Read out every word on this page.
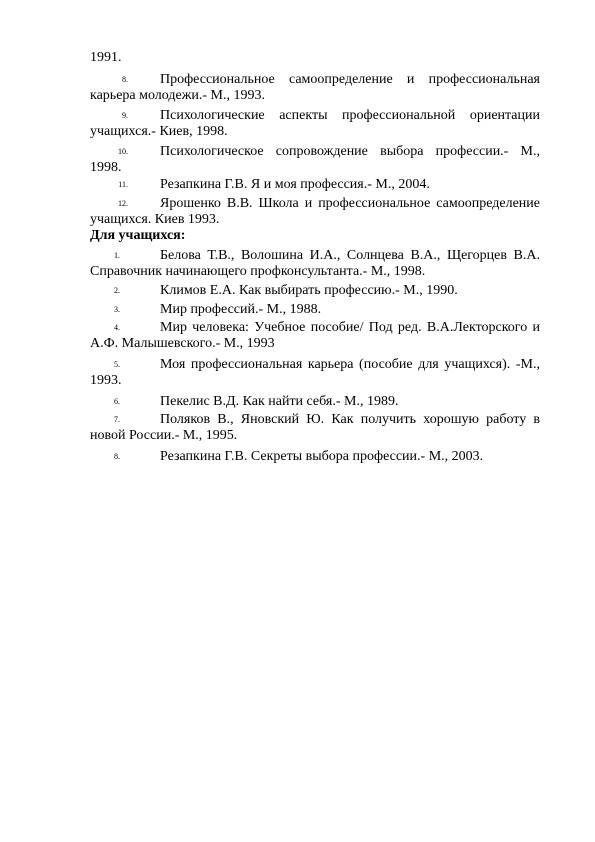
1991.
8. Профессиональное самоопределение и профессиональная
карьера молодежи.- М., 1993.
9. Психологические аспекты профессиональной ориентации
учащихся.- Киев, 1998.
10. Психологическое сопровождение выбора профессии.- М.,
1998.
11. Резапкина Г.В. Я и моя профессия.- М., 2004.
12. Ярошенко В.В. Школа и профессиональное самоопределение
учащихся. Киев 1993.
Для учащихся:
1.	Белова Т.В., Волошина И.А., Солнцева В.А., Щегорцев В.А.
Справочник начинающего профконсультанта.- М., 1998.
2.	Климов Е.А. Как выбирать профессию.- М., 1990.
3.	Мир профессий.- М., 1988.
4.	Мир человека: Учебное пособие/ Под ред. В.А.Лекторского и
А.Ф. Малышевского.- М., 1993
5.	Моя профессиональная карьера (пособие для учащихся). -М.,
1993.
6.	Пекелис В.Д. Как найти себя.- М., 1989.
7.	Поляков В., Яновский Ю. Как получить хорошую работу в
новой России.- М., 1995.
8.	Резапкина Г.В. Секреты выбора профессии.- М., 2003.
